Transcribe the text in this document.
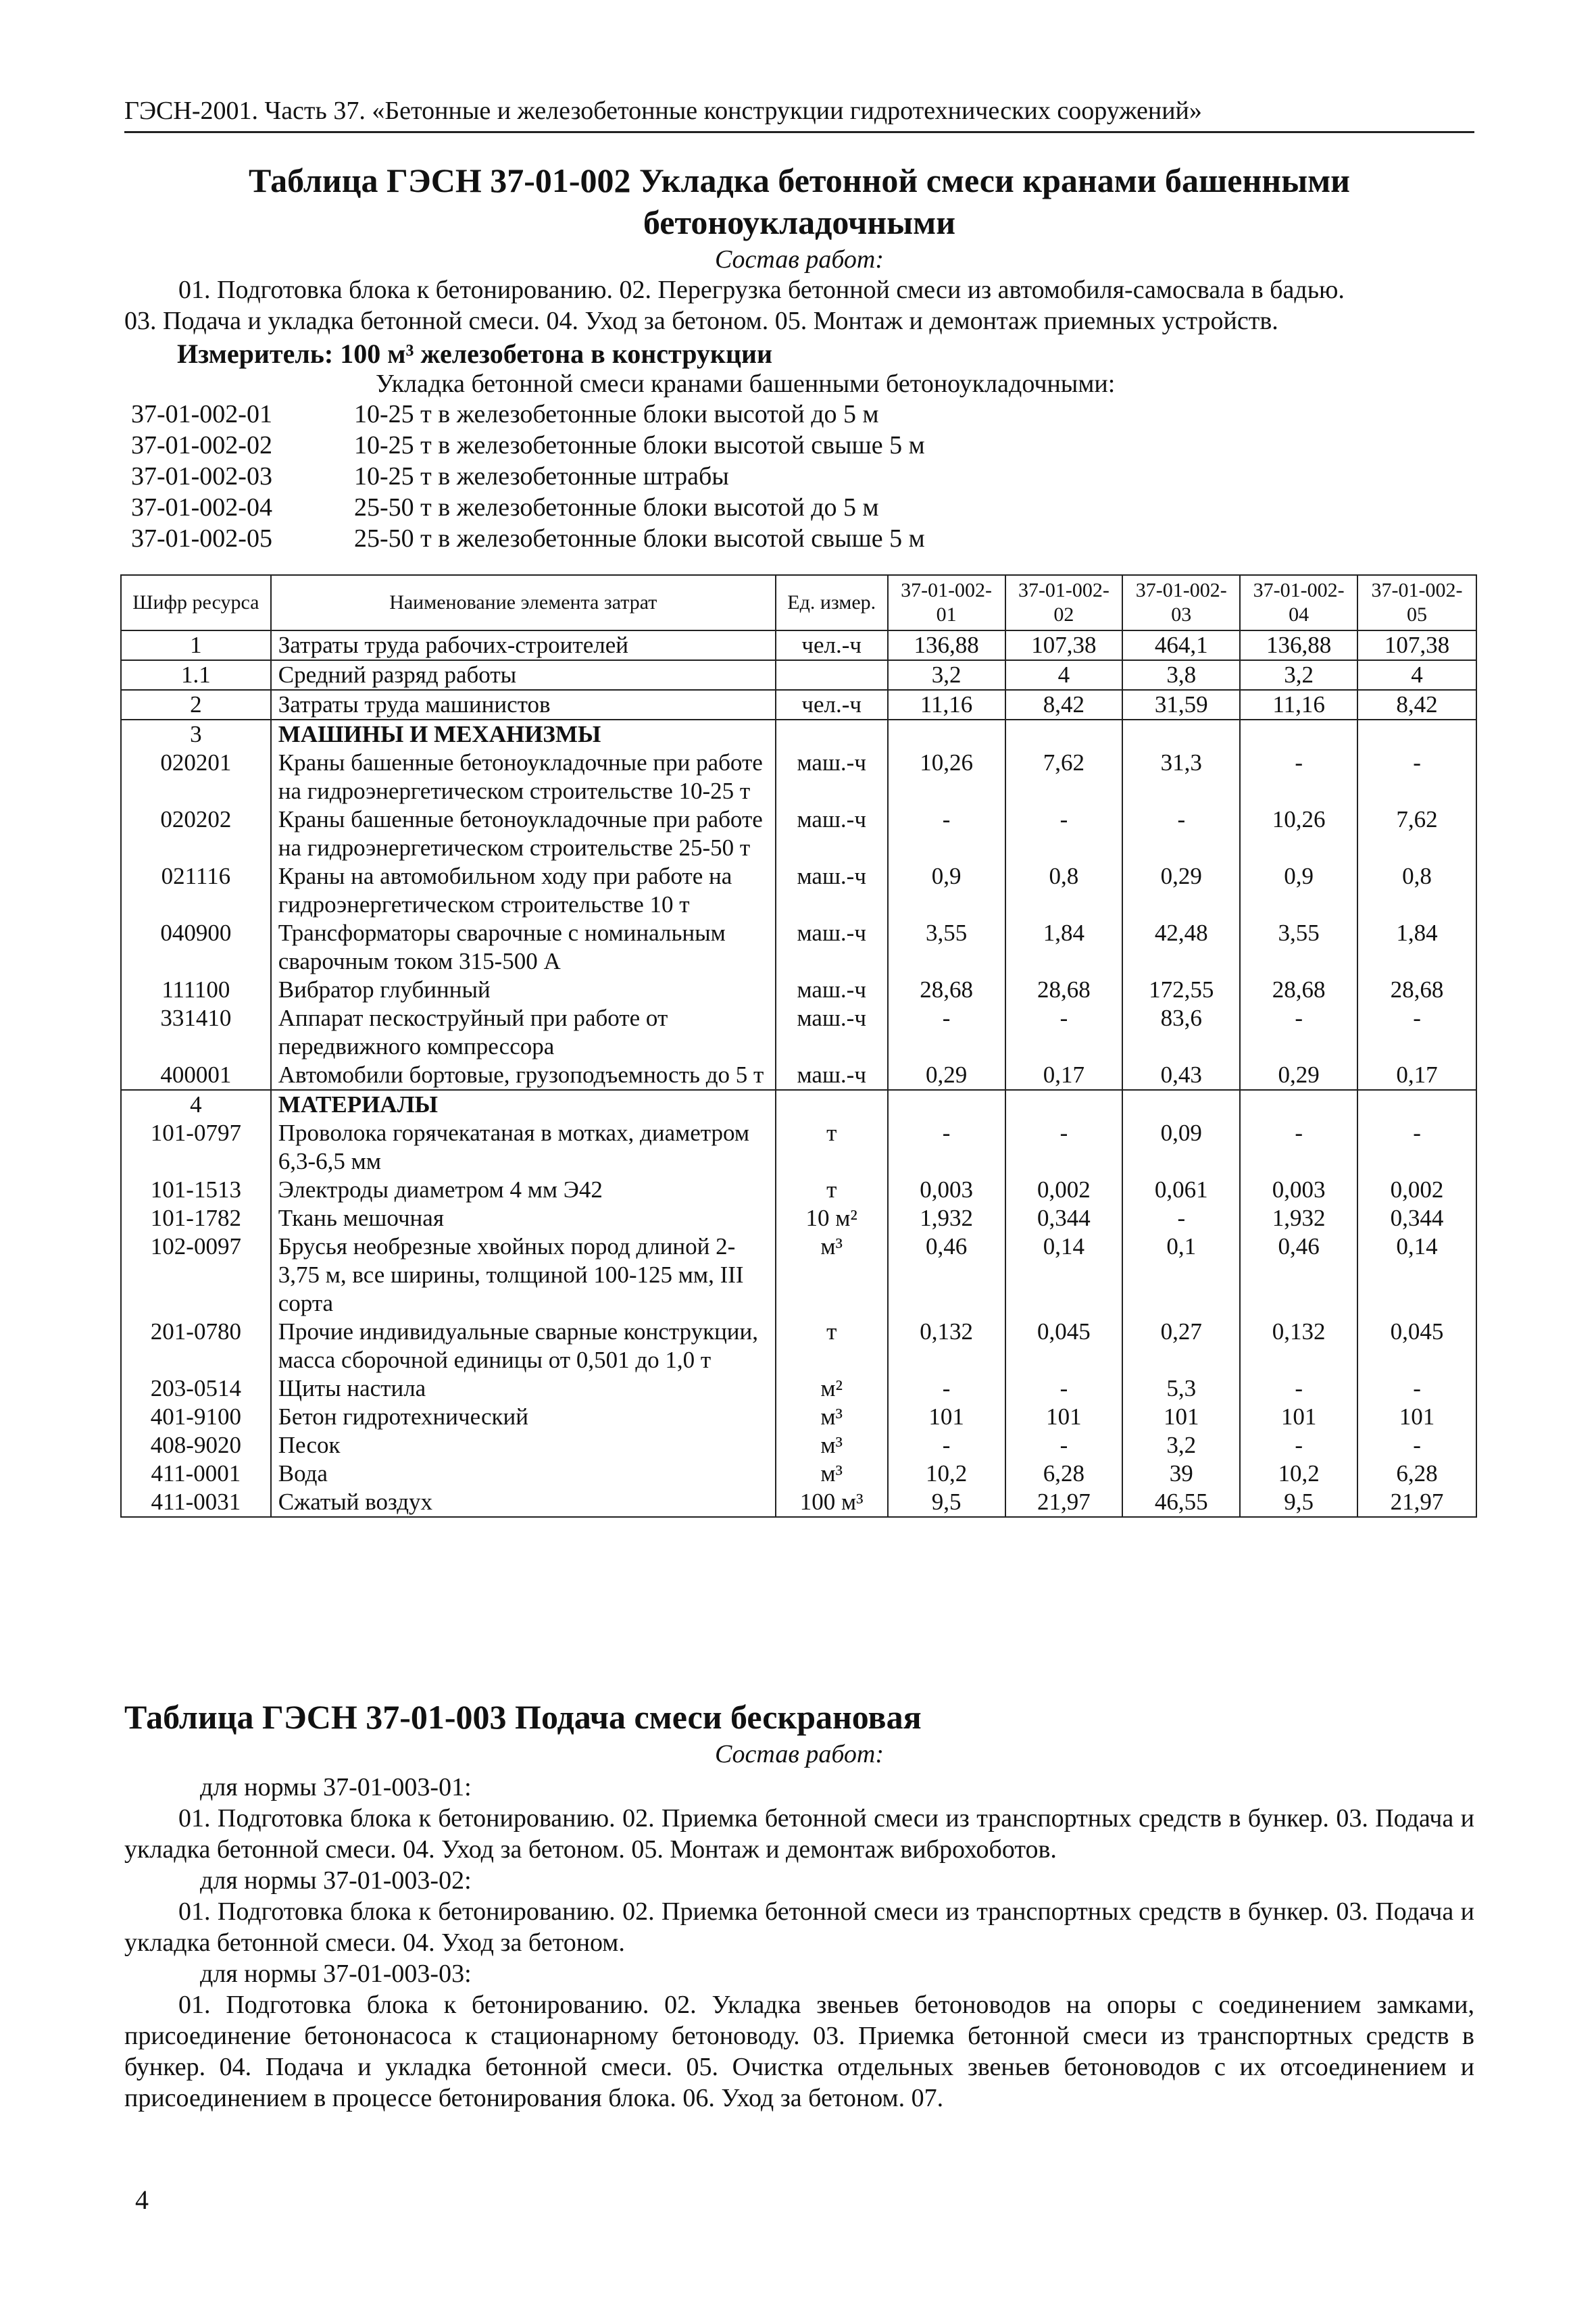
ГЭСН-2001. Часть 37. «Бетонные и железобетонные конструкции гидротехнических сооружений»
Таблица ГЭСН 37-01-002 Укладка бетонной смеси кранами башенными
бетоноукладочными
Состав работ:
01. Подготовка блока к бетонированию. 02. Перегрузка бетонной смеси из автомобиля-самосвала в бадью.
03. Подача и укладка бетонной смеси. 04. Уход за бетоном. 05. Монтаж и демонтаж приемных устройств.
Измеритель: 100 м³ железобетона в конструкции
Укладка бетонной смеси кранами башенными бетоноукладочными:
37-01-002-01	10-25 т в железобетонные блоки высотой до 5 м
37-01-002-02	10-25 т в железобетонные блоки высотой свыше 5 м
37-01-002-03	10-25 т в железобетонные штрабы
37-01-002-04	25-50 т в железобетонные блоки высотой до 5 м
37-01-002-05	25-50 т в железобетонные блоки высотой свыше 5 м
Шифр ресурса	Наименование элемента затрат	Ед. измер.	37-01-002-01	37-01-002-02	37-01-002-03	37-01-002-04	37-01-002-05
1	Затраты труда рабочих-строителей	чел.-ч	136,88	107,38	464,1	136,88	107,38
1.1	Средний разряд работы		3,2	4	3,8	3,2	4
2	Затраты труда машинистов	чел.-ч	11,16	8,42	31,59	11,16	8,42
3	МАШИНЫ И МЕХАНИЗМЫ						
020201	Краны башенные бетоноукладочные при работе на гидроэнергетическом строительстве 10-25 т	маш.-ч	10,26	7,62	31,3	-	-
020202	Краны башенные бетоноукладочные при работе на гидроэнергетическом строительстве 25-50 т	маш.-ч	-	-	-	10,26	7,62
021116	Краны на автомобильном ходу при работе на гидроэнергетическом строительстве 10 т	маш.-ч	0,9	0,8	0,29	0,9	0,8
040900	Трансформаторы сварочные с номинальным сварочным током 315-500 А	маш.-ч	3,55	1,84	42,48	3,55	1,84
111100	Вибратор глубинный	маш.-ч	28,68	28,68	172,55	28,68	28,68
331410	Аппарат пескоструйный при работе от передвижного компрессора	маш.-ч	-	-	83,6	-	-
400001	Автомобили бортовые, грузоподъемность до 5 т	маш.-ч	0,29	0,17	0,43	0,29	0,17
4	МАТЕРИАЛЫ						
101-0797	Проволока горячекатаная в мотках, диаметром 6,3-6,5 мм	т	-	-	0,09	-	-
101-1513	Электроды диаметром 4 мм Э42	т	0,003	0,002	0,061	0,003	0,002
101-1782	Ткань мешочная	10 м²	1,932	0,344	-	1,932	0,344
102-0097	Брусья необрезные хвойных пород длиной 2-3,75 м, все ширины, толщиной 100-125 мм, III сорта	м³	0,46	0,14	0,1	0,46	0,14
201-0780	Прочие индивидуальные сварные конструкции, масса сборочной единицы от 0,501 до 1,0 т	т	0,132	0,045	0,27	0,132	0,045
203-0514	Щиты настила	м²	-	-	5,3	-	-
401-9100	Бетон гидротехнический	м³	101	101	101	101	101
408-9020	Песок	м³	-	-	3,2	-	-
411-0001	Вода	м³	10,2	6,28	39	10,2	6,28
411-0031	Сжатый воздух	100 м³	9,5	21,97	46,55	9,5	21,97
Таблица ГЭСН 37-01-003 Подача смеси бескрановая
Состав работ:
для нормы 37-01-003-01:
01. Подготовка блока к бетонированию. 02. Приемка бетонной смеси из транспортных средств в бункер. 03. Подача и укладка бетонной смеси. 04. Уход за бетоном. 05. Монтаж и демонтаж виброхоботов.
для нормы 37-01-003-02:
01. Подготовка блока к бетонированию. 02. Приемка бетонной смеси из транспортных средств в бункер. 03. Подача и укладка бетонной смеси. 04. Уход за бетоном.
для нормы 37-01-003-03:
01. Подготовка блока к бетонированию. 02. Укладка звеньев бетоноводов на опоры с соединением замками, присоединение бетононасоса к стационарному бетоноводу. 03. Приемка бетонной смеси из транспортных средств в бункер. 04. Подача и укладка бетонной смеси. 05. Очистка отдельных звеньев бетоноводов с их отсоединением и присоединением в процессе бетонирования блока. 06. Уход за бетоном. 07.
4
